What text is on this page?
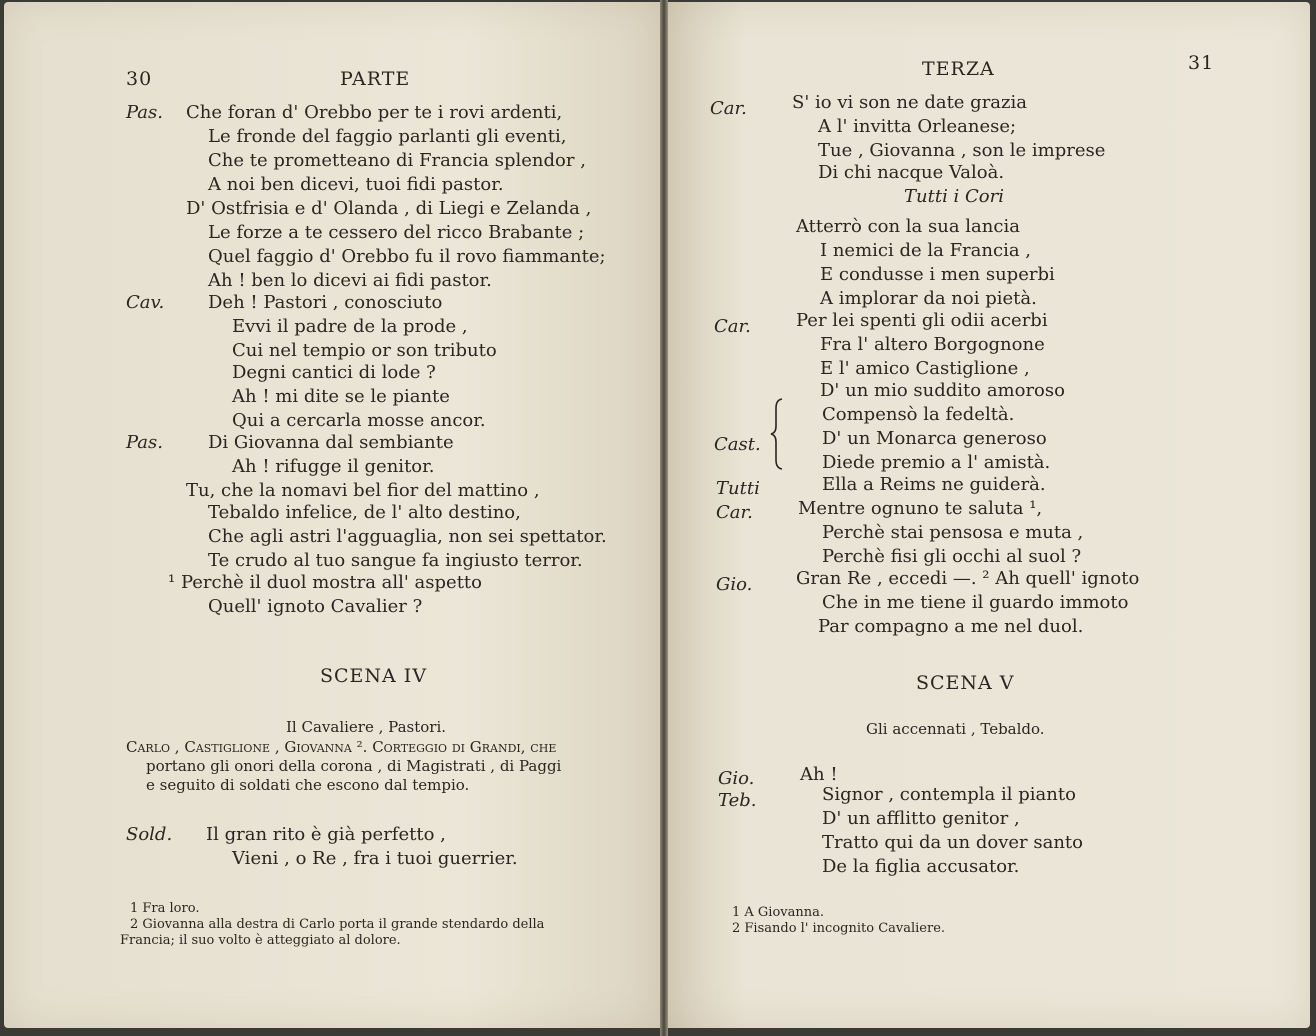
30	PARTE
Pas. Che foran d' Orebbo per te i rovi ardenti,
Le fronde del faggio parlanti gli eventi,
Che te prometteano di Francia splendor ,
A noi ben dicevi, tuoi fidi pastor.
D' Ostfrisia e d' Olanda , di Liegi e Zelanda ,
Le forze a te cessero del ricco Brabante ;
Quel faggio d' Orebbo fu il rovo fiammante;
Ah ! ben lo dicevi ai fidi pastor.
Cav. Deh ! Pastori , conosciuto
Evvi il padre de la prode ,
Cui nel tempio or son tributo
Degni cantici di lode ?
Ah ! mi dite se le piante
Qui a cercarla mosse ancor.
Pas.	Di Giovanna dal sembiante
Ah ! rifugge il genitor.
Tu, che la nomavi bel fior del mattino ,
Tebaldo infelice, de l' alto destino,
Che agli astri l'agguaglia, non sei spettator.
Te crudo al tuo sangue fa ingiusto terror.
¹ Perchè il duol mostra all' aspetto
Quell' ignoto Cavalier ?
SCENA IV
Il Cavaliere , Pastori.
Carlo , Castiglione , Giovanna ². Corteggio di Grandi, che
portano gli onori della corona , di Magistrati , di Paggi
e seguito di soldati che escono dal tempio.
Sold. Il gran rito è già perfetto ,
Vieni , o Re , fra i tuoi guerrier.
1 Fra loro.
2 Giovanna alla destra di Carlo porta il grande stendardo della
Francia; il suo volto è atteggiato al dolore.
TERZA	31
Car.	S' io vi son ne date grazia
A l' invitta Orleanese;
Tue , Giovanna , son le imprese
Di chi nacque Valoà.
Tutti i Cori
Atterrò con la sua lancia
I nemici de la Francia ,
E condusse i men superbi
A implorar da noi pietà.
Car.	Per lei spenti gli odii acerbi
Fra l' altero Borgognone
E l' amico Castiglione ,
D' un mio suddito amoroso
Compensò la fedeltà.
Cast.	D' un Monarca generoso
Diede premio a l' amistà.
Tutti	Ella a Reims ne guiderà.
Car.	Mentre ognuno te saluta ¹,
Perchè stai pensosa e muta ,
Perchè fisi gli occhi al suol ?
Gio. Gran Re , eccedi —. ² Ah quell' ignoto
Che in me tiene il guardo immoto
Par compagno a me nel duol.
SCENA V
Gli accennati , Tebaldo.
Gio.	Ah !
Teb.	Signor , contempla il pianto
D' un afflitto genitor ,
Tratto qui da un dover santo
De la figlia accusator.
1 A Giovanna.
2 Fisando l' incognito Cavaliere.
